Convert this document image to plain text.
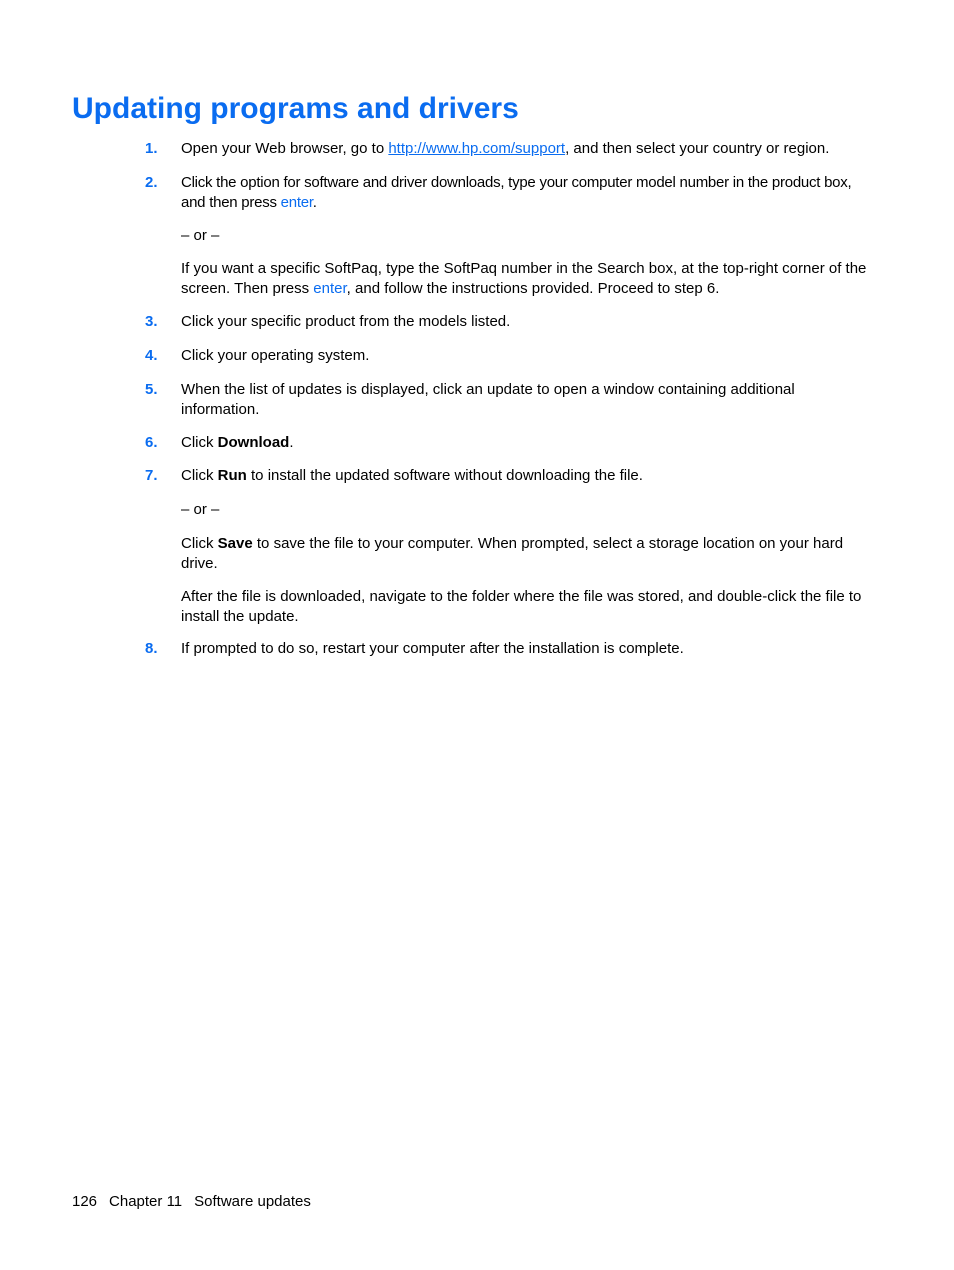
Updating programs and drivers
1. Open your Web browser, go to http://www.hp.com/support, and then select your country or region.

2. Click the option for software and driver downloads, type your computer model number in the product box, and then press enter.

– or –

If you want a specific SoftPaq, type the SoftPaq number in the Search box, at the top-right corner of the screen. Then press enter, and follow the instructions provided. Proceed to step 6.

3. Click your specific product from the models listed.

4. Click your operating system.

5. When the list of updates is displayed, click an update to open a window containing additional information.

6. Click Download.

7. Click Run to install the updated software without downloading the file.

– or –

Click Save to save the file to your computer. When prompted, select a storage location on your hard drive.

After the file is downloaded, navigate to the folder where the file was stored, and double-click the file to install the update.

8. If prompted to do so, restart your computer after the installation is complete.

126 Chapter 11 Software updates
